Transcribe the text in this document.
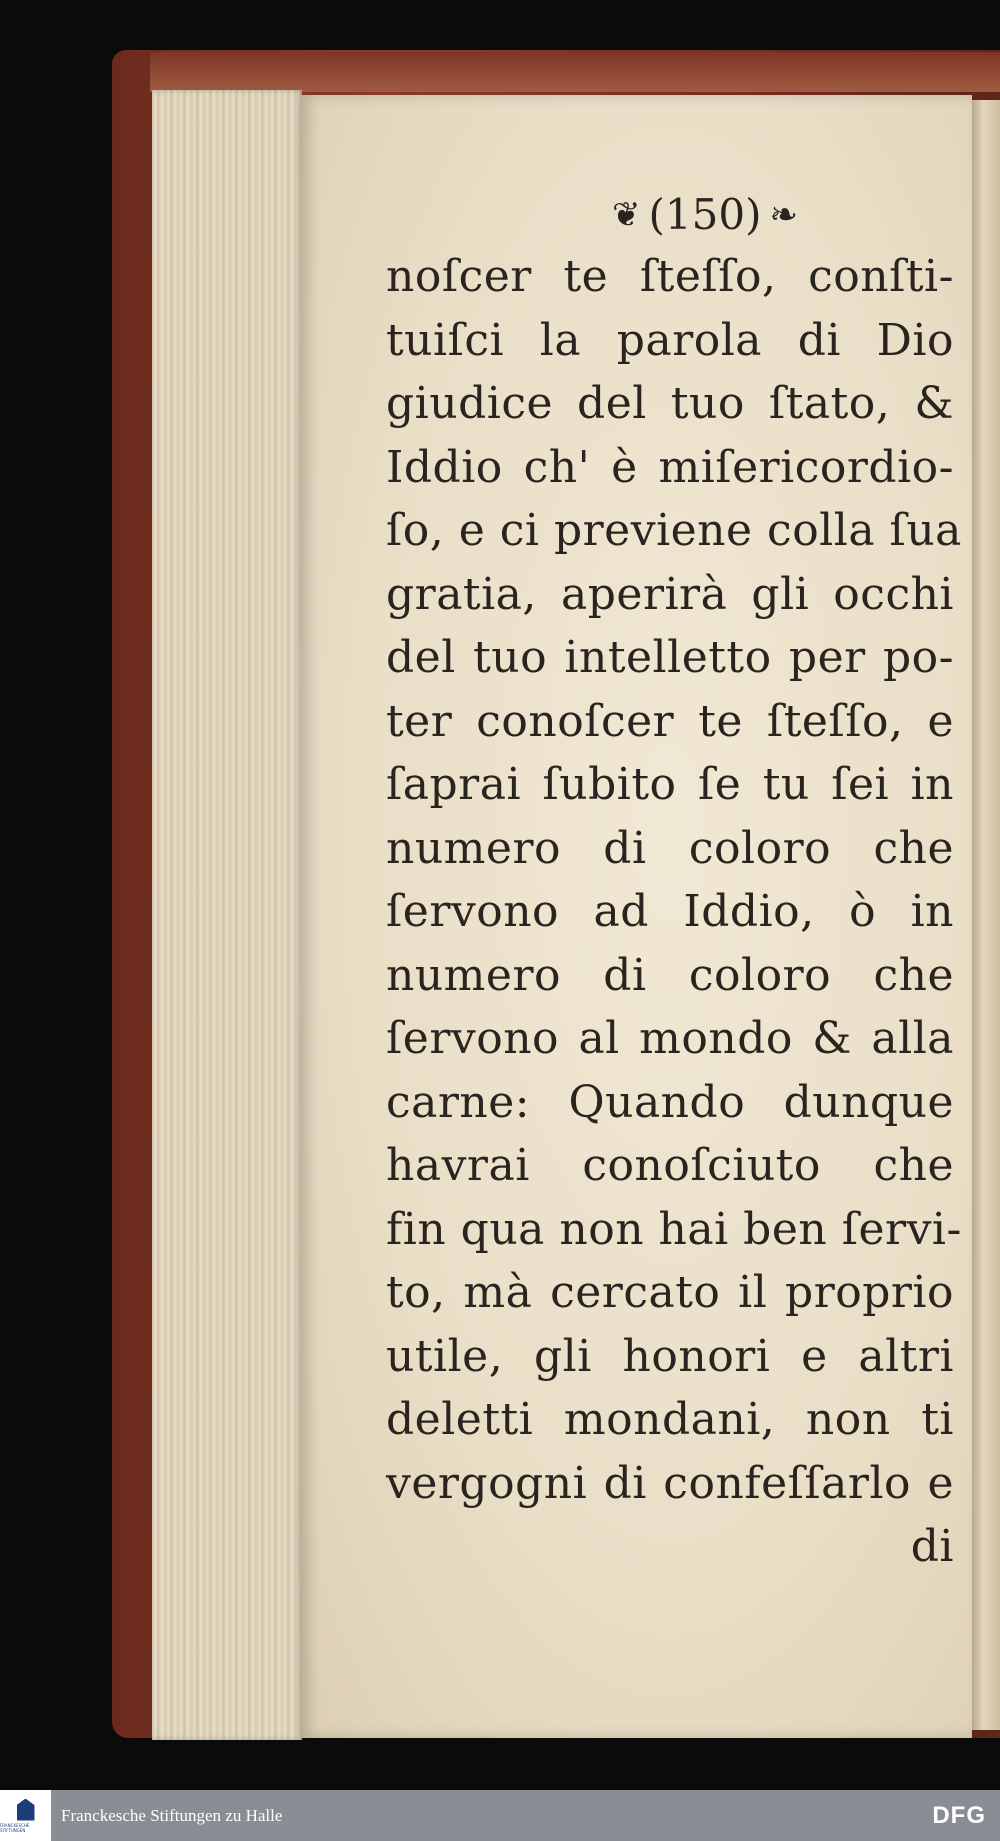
❦ (150) ❧
noſcer te ſteſſo, conſti-
tuiſci la parola di Dio
giudice del tuo ſtato, &
Iddio ch' è miſericordio-
ſo, e ci previene colla ſua
gratia, aperirà gli occhi
del tuo intelletto per po-
ter conoſcer te ſteſſo, e
ſaprai ſubito ſe tu ſei in
numero di coloro che
ſervono ad Iddio, ò in
numero di coloro che
ſervono al mondo & alla
carne: Quando dunque
havrai conoſciuto che
fin qua non hai ben ſervi-
to, mà cercato il proprio
utile, gli honori e altri
deletti mondani, non ti
vergogni di confeſſarlo e
di
FRANCKESCHE STIFTUNGEN
Franckesche Stiftungen zu Halle	DFG
